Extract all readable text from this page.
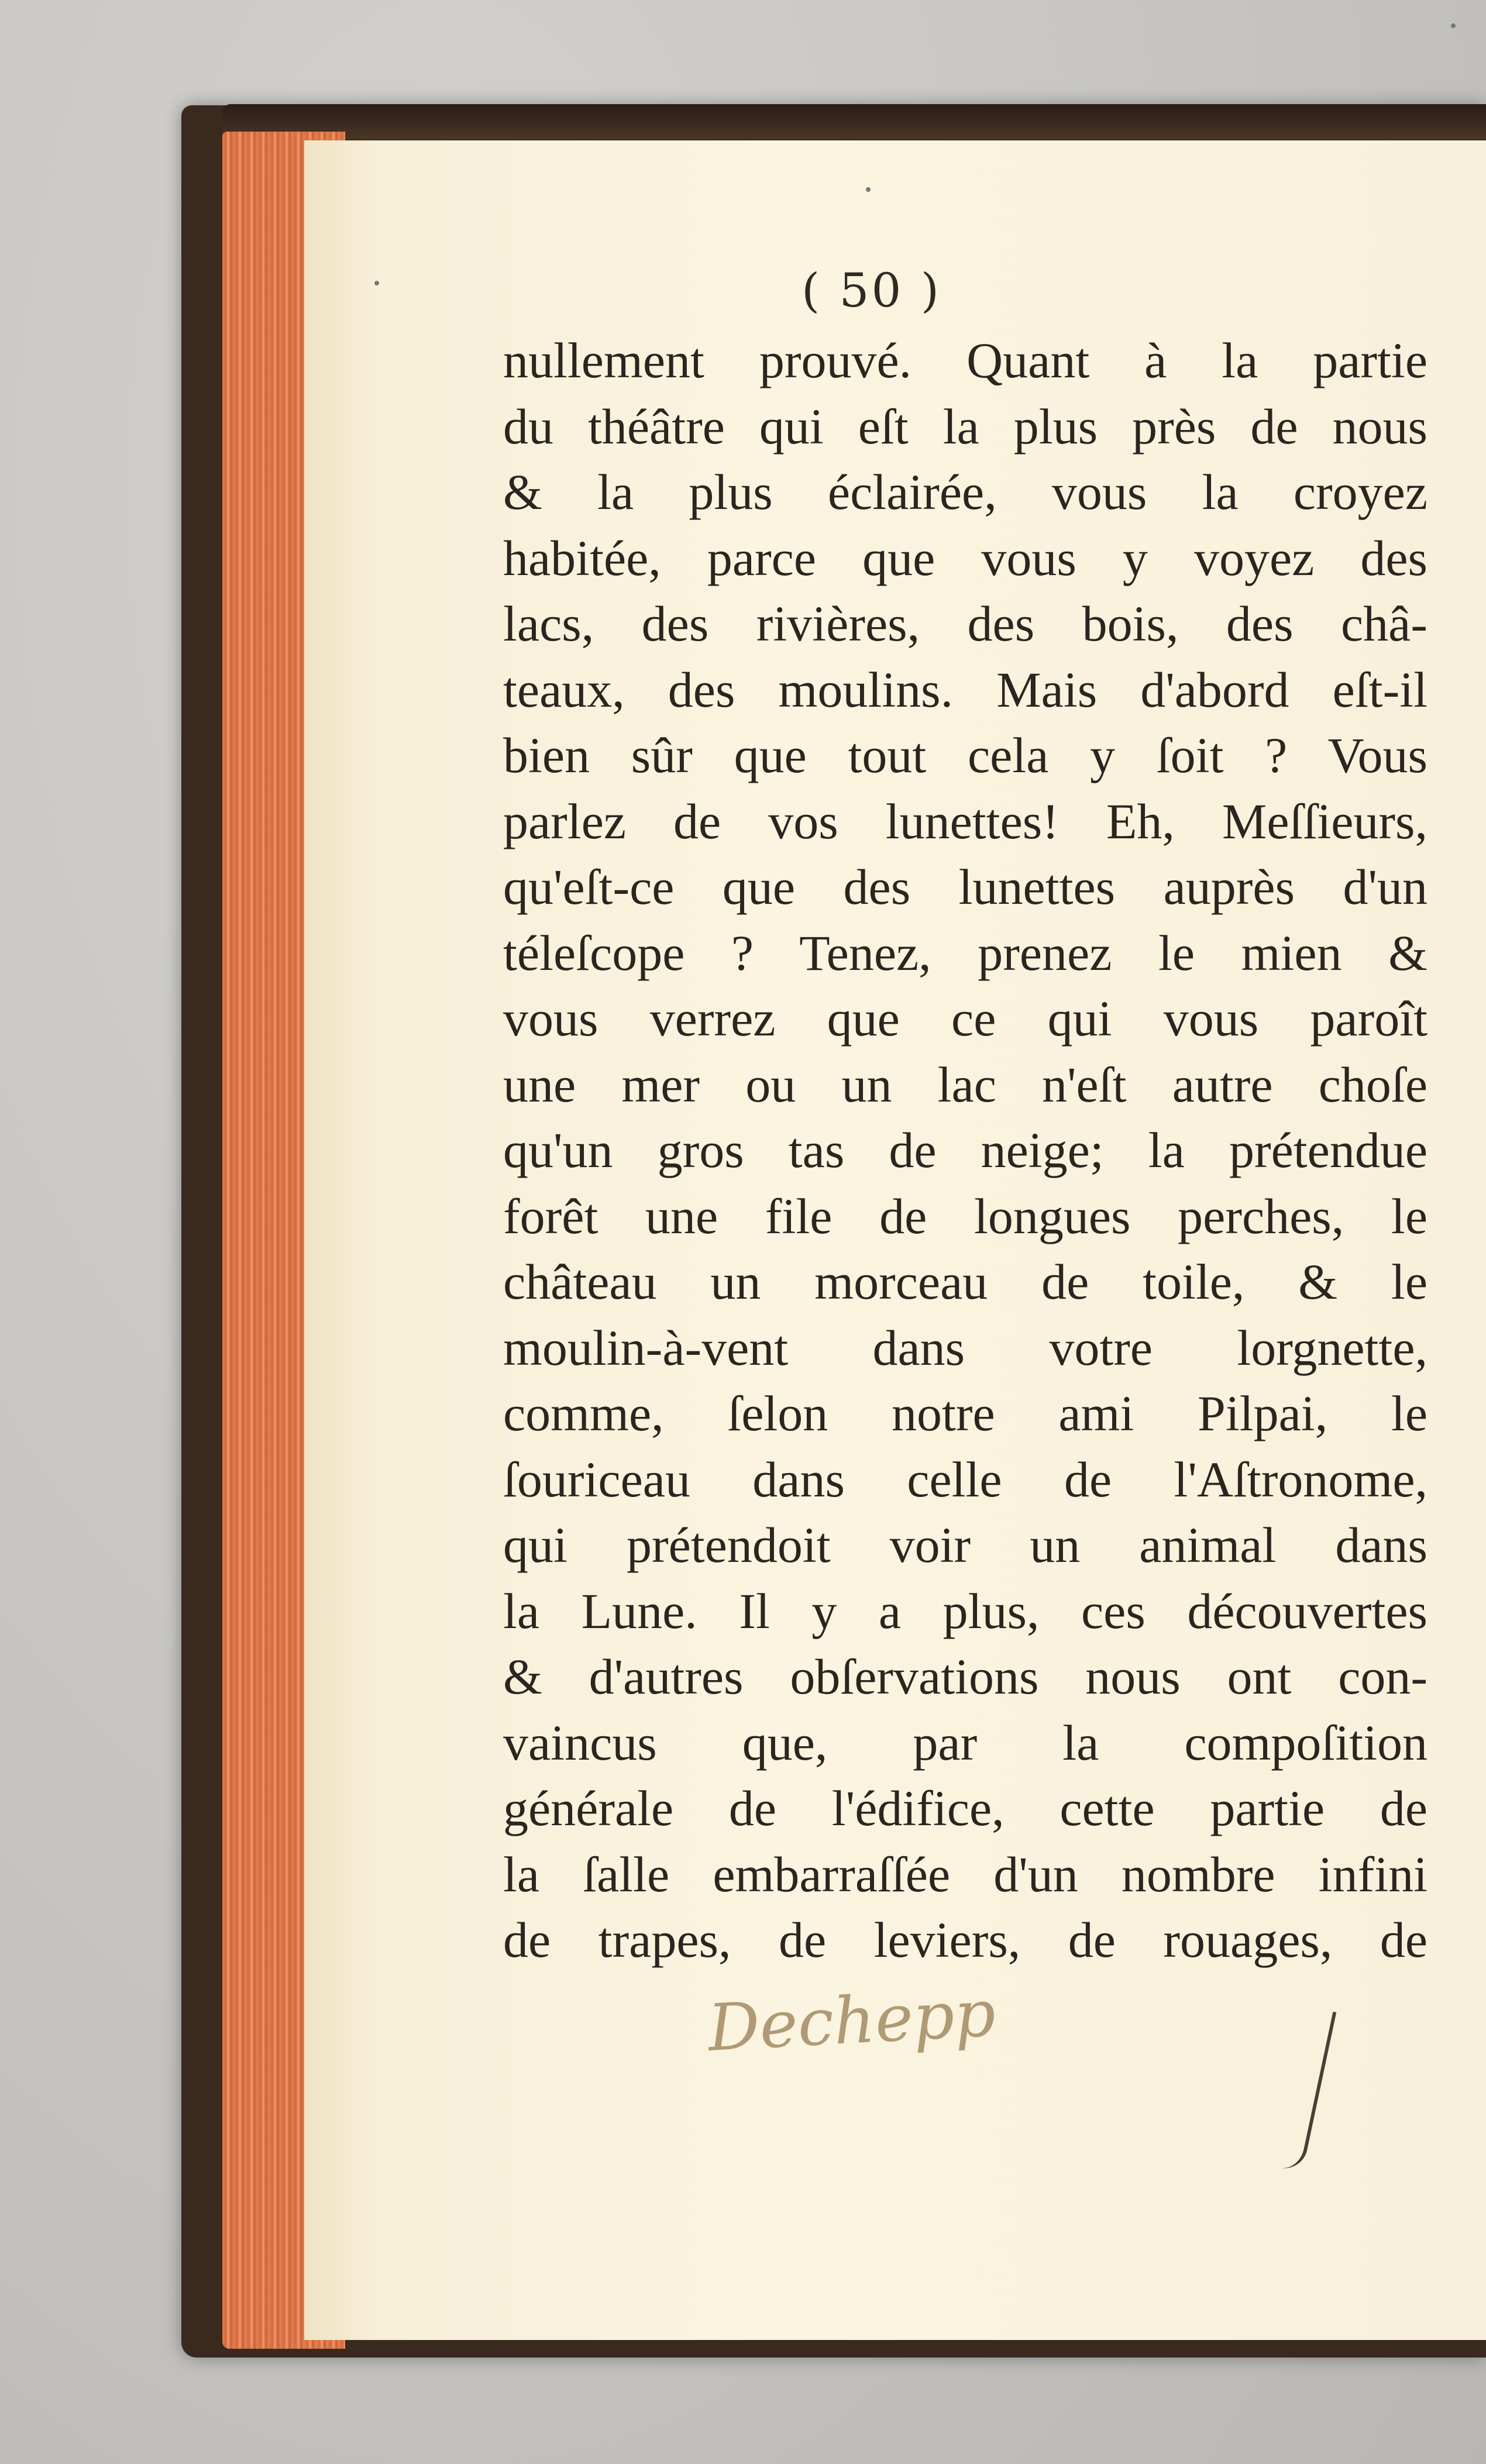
( 50 )
nullement prouvé. Quant à la partie
du théâtre qui eſt la plus près de nous
& la plus éclairée, vous la croyez
habitée, parce que vous y voyez des
lacs, des rivières, des bois, des châ-
teaux, des moulins. Mais d'abord eſt-il
bien sûr que tout cela y ſoit ? Vous
parlez de vos lunettes! Eh, Meſſieurs,
qu'eſt-ce que des lunettes auprès d'un
téleſcope ? Tenez, prenez le mien &
vous verrez que ce qui vous paroît
une mer ou un lac n'eſt autre choſe
qu'un gros tas de neige; la prétendue
forêt une file de longues perches, le
château un morceau de toile, & le
moulin-à-vent dans votre lorgnette,
comme, ſelon notre ami Pilpai, le
ſouriceau dans celle de l'Aſtronome,
qui prétendoit voir un animal dans
la Lune. Il y a plus, ces découvertes
& d'autres obſervations nous ont con-
vaincus que, par la compoſition
générale de l'édifice, cette partie de
la ſalle embarraſſée d'un nombre infini
de trapes, de leviers, de rouages, de
Dechepp
